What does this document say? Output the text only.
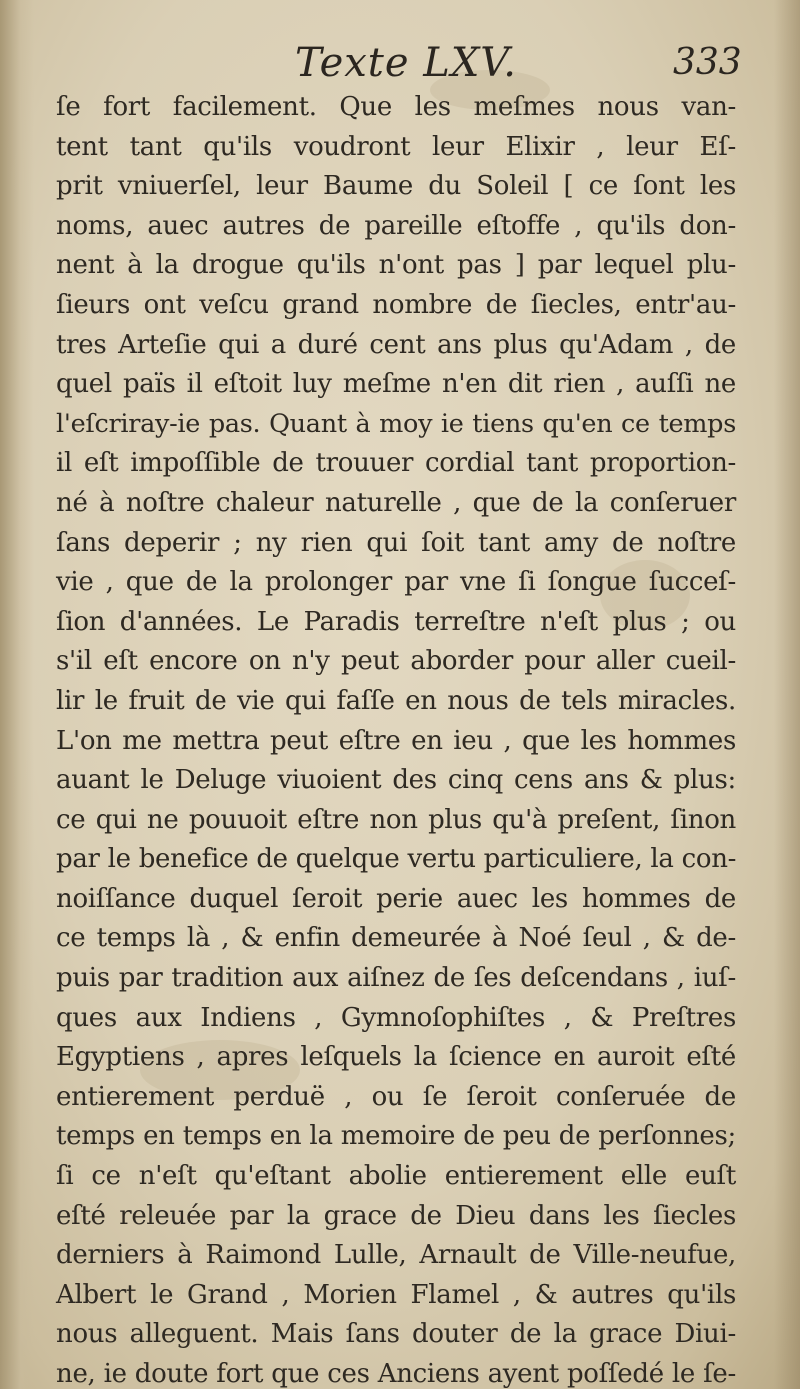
Texte LXV.	333
ſe fort facilement. Que les meſmes nous van-
tent tant qu'ils voudront leur Elixir , leur Eſ-
prit vniuerſel, leur Baume du Soleil [ ce ſont les
noms, auec autres de pareille eſtoffe , qu'ils don-
nent à la drogue qu'ils n'ont pas ] par lequel plu-
ſieurs ont veſcu grand nombre de ſiecles, entr'au-
tres Arteſie qui a duré cent ans plus qu'Adam , de
quel païs il eſtoit luy meſme n'en dit rien , auſſi ne
l'eſcriray-ie pas. Quant à moy ie tiens qu'en ce temps
il eſt impoſſible de trouuer cordial tant proportion-
né à noſtre chaleur naturelle , que de la conſeruer
ſans deperir ; ny rien qui ſoit tant amy de noſtre
vie , que de la prolonger par vne ſi ſongue ſucceſ-
ſion d'années. Le Paradis terreſtre n'eſt plus ; ou
s'il eſt encore on n'y peut aborder pour aller cueil-
lir le fruit de vie qui faſſe en nous de tels miracles.
L'on me mettra peut eſtre en ieu , que les hommes
auant le Deluge viuoient des cinq cens ans & plus:
ce qui ne pouuoit eſtre non plus qu'à preſent, ſinon
par le benefice de quelque vertu particuliere, la con-
noiſſance duquel ſeroit perie auec les hommes de
ce temps là , & enfin demeurée à Noé ſeul , & de-
puis par tradition aux aiſnez de ſes deſcendans , iuſ-
ques aux Indiens , Gymnoſophiſtes , & Preſtres
Egyptiens , apres leſquels la ſcience en auroit eſté
entierement perduë , ou ſe ſeroit conſeruée de
temps en temps en la memoire de peu de perſonnes;
ſi ce n'eſt qu'eſtant abolie entierement elle euſt
eſté releuée par la grace de Dieu dans les ſiecles
derniers à Raimond Lulle, Arnault de Ville-neufue,
Albert le Grand , Morien Flamel , & autres qu'ils
nous alleguent. Mais ſans douter de la grace Diui-
ne, ie doute fort que ces Anciens ayent poſſedé le ſe-
